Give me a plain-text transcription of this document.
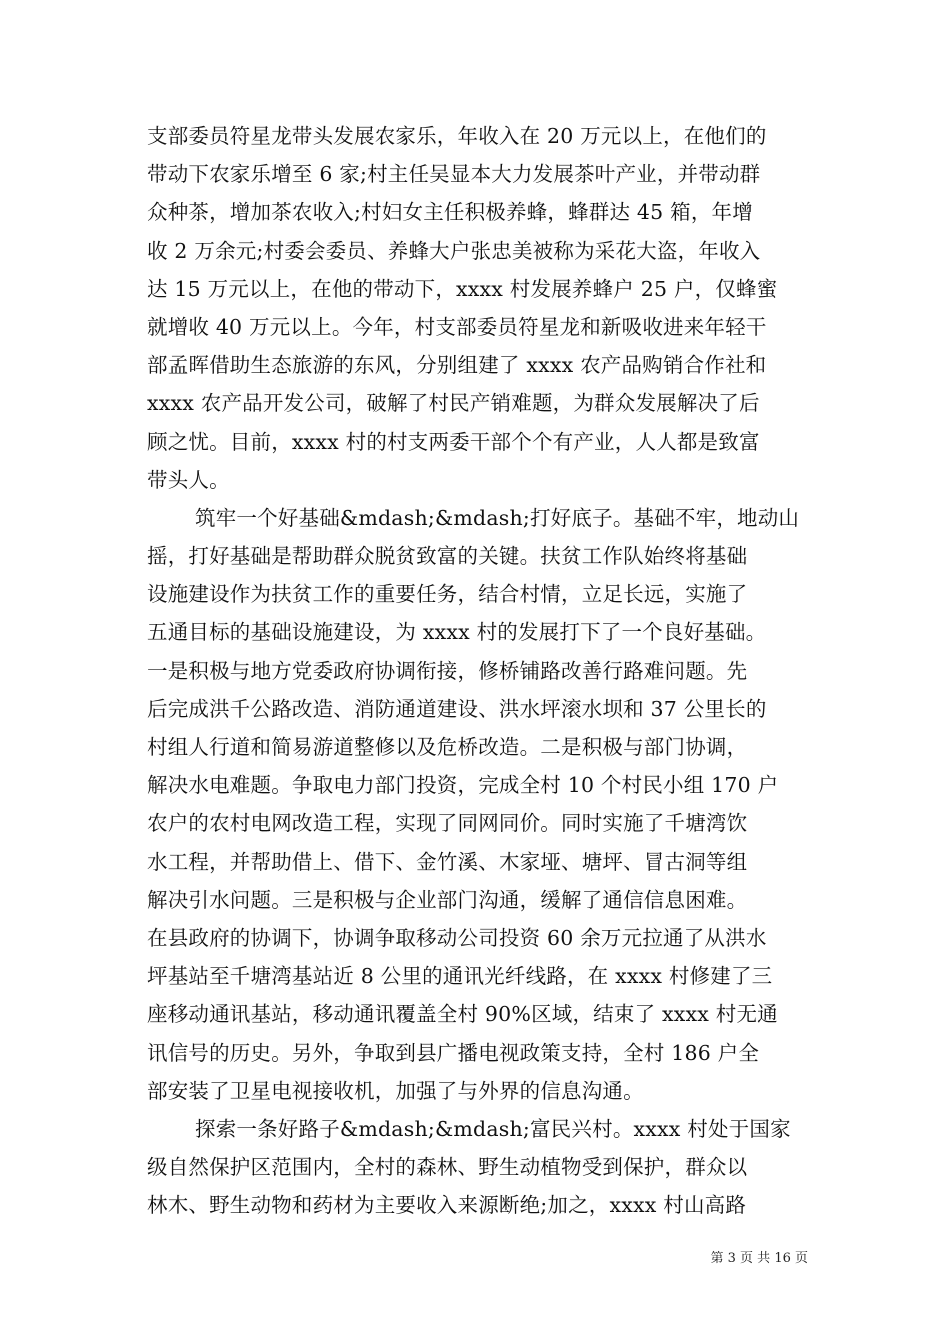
支部委员符星龙带头发展农家乐，年收入在 20 万元以上，在他们的
带动下农家乐增至 6 家;村主任吴显本大力发展茶叶产业，并带动群
众种茶，增加茶农收入;村妇女主任积极养蜂，蜂群达 45 箱，年增
收 2 万余元;村委会委员、养蜂大户张忠美被称为采花大盗，年收入
达 15 万元以上，在他的带动下，xxxx 村发展养蜂户 25 户，仅蜂蜜
就增收 40 万元以上。今年，村支部委员符星龙和新吸收进来年轻干
部孟晖借助生态旅游的东风，分别组建了 xxxx 农产品购销合作社和
xxxx 农产品开发公司，破解了村民产销难题，为群众发展解决了后
顾之忧。目前，xxxx 村的村支两委干部个个有产业，人人都是致富
带头人。
筑牢一个好基础&mdash;&mdash;打好底子。基础不牢，地动山
摇，打好基础是帮助群众脱贫致富的关键。扶贫工作队始终将基础
设施建设作为扶贫工作的重要任务，结合村情，立足长远，实施了
五通目标的基础设施建设，为 xxxx 村的发展打下了一个良好基础。
一是积极与地方党委政府协调衔接，修桥铺路改善行路难问题。先
后完成洪千公路改造、消防通道建设、洪水坪滚水坝和 37 公里长的
村组人行道和简易游道整修以及危桥改造。二是积极与部门协调，
解决水电难题。争取电力部门投资，完成全村 10 个村民小组 170 户
农户的农村电网改造工程，实现了同网同价。同时实施了千塘湾饮
水工程，并帮助借上、借下、金竹溪、木家垭、塘坪、冒古洞等组
解决引水问题。三是积极与企业部门沟通，缓解了通信信息困难。
在县政府的协调下，协调争取移动公司投资 60 余万元拉通了从洪水
坪基站至千塘湾基站近 8 公里的通讯光纤线路，在 xxxx 村修建了三
座移动通讯基站，移动通讯覆盖全村 90%区域，结束了 xxxx 村无通
讯信号的历史。另外，争取到县广播电视政策支持，全村 186 户全
部安装了卫星电视接收机，加强了与外界的信息沟通。
探索一条好路子&mdash;&mdash;富民兴村。xxxx 村处于国家
级自然保护区范围内，全村的森林、野生动植物受到保护，群众以
林木、野生动物和药材为主要收入来源断绝;加之，xxxx 村山高路
第 3 页 共 16 页
